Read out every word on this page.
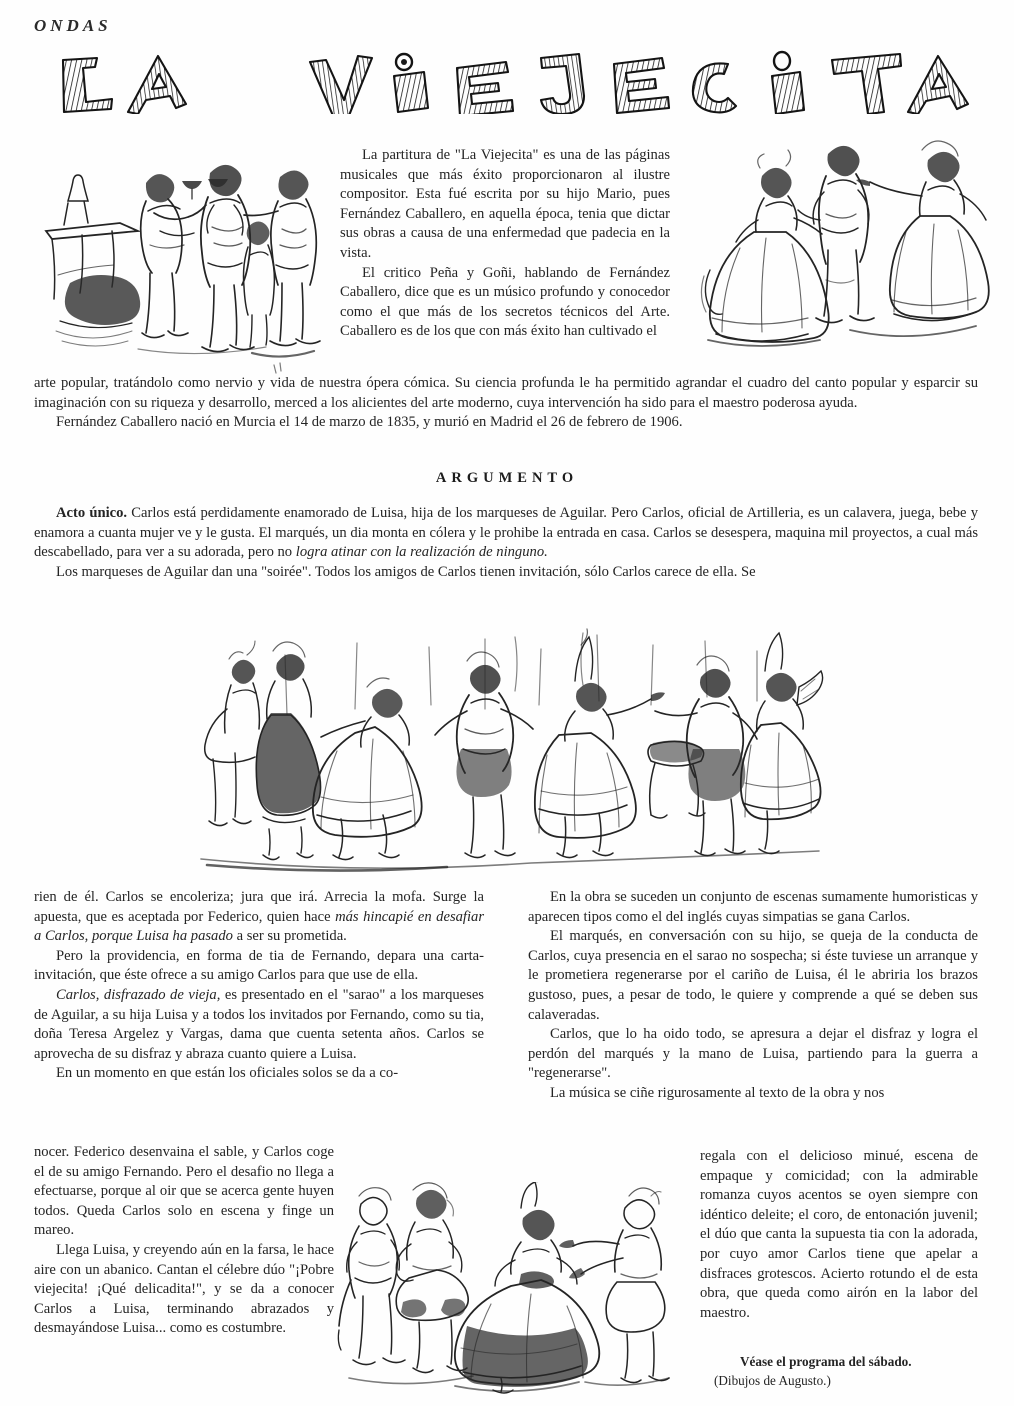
ONDAS

La partitura de "La Viejecita" es una de las páginas musicales que más éxito proporcionaron al ilustre compositor. Esta fué escrita por su hijo Mario, pues Fernández Caballero, en aquella época, tenia que dictar sus obras a causa de una enfermedad que padecia en la vista.

El critico Peña y Goñi, hablando de Fernández Caballero, dice que es un músico profundo y conocedor como el que más de los secretos técnicos del Arte. Caballero es de los que con más éxito han cultivado el

arte popular, tratándolo como nervio y vida de nuestra ópera cómica. Su ciencia profunda le ha permitido agrandar el cuadro del canto popular y esparcir su imaginación con su riqueza y desarrollo, merced a los alicientes del arte moderno, cuya intervención ha sido para el maestro poderosa ayuda.

Fernández Caballero nació en Murcia el 14 de marzo de 1835, y murió en Madrid el 26 de febrero de 1906.

ARGUMENTO

Acto único. Carlos está perdidamente enamorado de Luisa, hija de los marqueses de Aguilar. Pero Carlos, oficial de Artilleria, es un calavera, juega, bebe y enamora a cuanta mujer ve y le gusta. El marqués, un dia monta en cólera y le prohibe la entrada en casa. Carlos se desespera, maquina mil proyectos, a cual más descabellado, para ver a su adorada, pero no logra atinar con la realización de ninguno.

Los marqueses de Aguilar dan una "soirée". Todos los amigos de Carlos tienen invitación, sólo Carlos carece de ella. Se

rien de él. Carlos se encoleriza; jura que irá. Arrecia la mofa. Surge la apuesta, que es aceptada por Federico, quien hace más hincapié en desafiar a Carlos, porque Luisa ha pasado a ser su prometida.

Pero la providencia, en forma de tia de Fernando, depara una carta-invitación, que éste ofrece a su amigo Carlos para que use de ella.

Carlos, disfrazado de vieja, es presentado en el "sarao" a los marqueses de Aguilar, a su hija Luisa y a todos los invitados por Fernando, como su tia, doña Teresa Argelez y Vargas, dama que cuenta setenta años. Carlos se aprovecha de su disfraz y abraza cuanto quiere a Luisa.

En un momento en que están los oficiales solos se da a co-

nocer. Federico desenvaina el sable, y Carlos coge el de su amigo Fernando. Pero el desafio no llega a efectuarse, porque al oir que se acerca gente huyen todos. Queda Carlos solo en escena y finge un mareo.

Llega Luisa, y creyendo aún en la farsa, le hace aire con un abanico. Cantan el célebre dúo "¡Pobre viejecita! ¡Qué delicadita!", y se da a conocer Carlos a Luisa, terminando abrazados y desmayándose Luisa... como es costumbre.

En la obra se suceden un conjunto de escenas sumamente humoristicas y aparecen tipos como el del inglés cuyas simpatias se gana Carlos.

El marqués, en conversación con su hijo, se queja de la conducta de Carlos, cuya presencia en el sarao no sospecha; si éste tuviese un arranque y le prometiera regenerarse por el cariño de Luisa, él le abriria los brazos gustoso, pues, a pesar de todo, le quiere y comprende a qué se deben sus calaveradas.

Carlos, que lo ha oido todo, se apresura a dejar el disfraz y logra el perdón del marqués y la mano de Luisa, partiendo para la guerra a "regenerarse".

La música se ciñe rigurosamente al texto de la obra y nos

regala con el delicioso minué, escena de empaque y comicidad; con la admirable romanza cuyos acentos se oyen siempre con idéntico deleite; el coro, de entonación juvenil; el dúo que canta la supuesta tia con la adorada, por cuyo amor Carlos tiene que apelar a disfraces grotescos. Acierto rotundo el de esta obra, que queda como airón en la labor del maestro.

Véase el programa del sábado.
(Dibujos de Augusto.)
